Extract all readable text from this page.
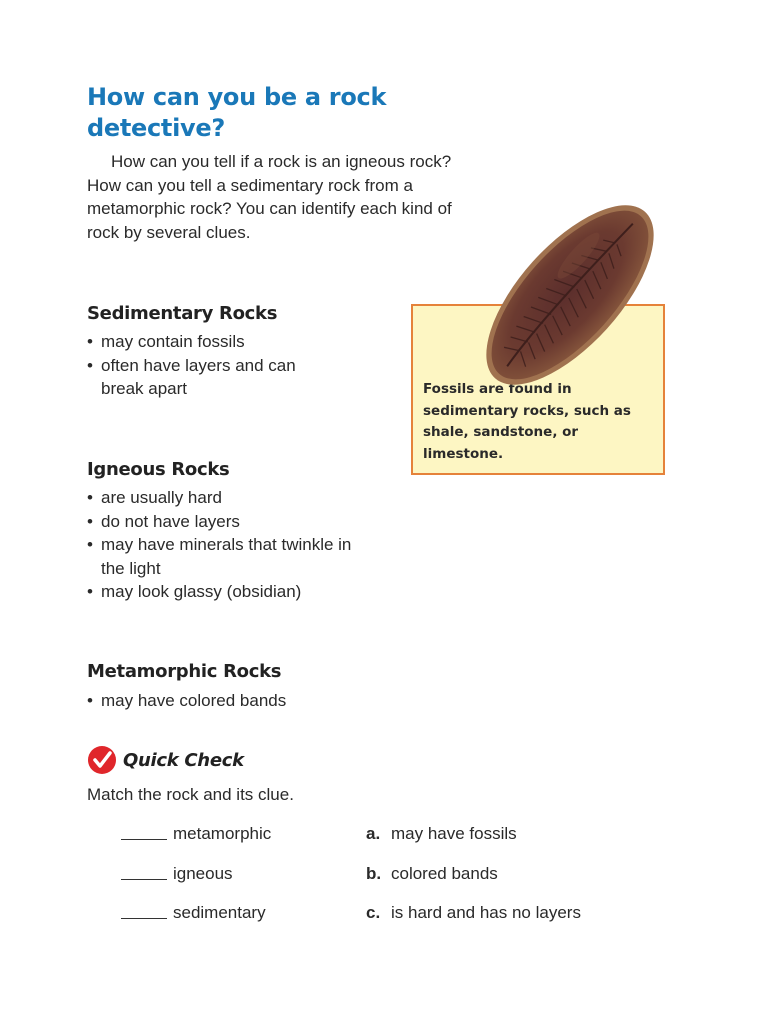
How can you be a rock detective?

How can you tell if a rock is an igneous rock? How can you tell a sedimentary rock from a metamorphic rock? You can identify each kind of rock by several clues.

Sedimentary Rocks
• may contain fossils
• often have layers and can break apart
Igneous Rocks
• are usually hard
• do not have layers
• may have minerals that twinkle in the light
• may look glassy (obsidian)
Metamorphic Rocks
• may have colored bands

Fossils are found in sedimentary rocks, such as shale, sandstone, or limestone.

Quick Check

Match the rock and its clue.

metamorphic	a. may have fossils
igneous	b. colored bands
sedimentary	c. is hard and has no layers
